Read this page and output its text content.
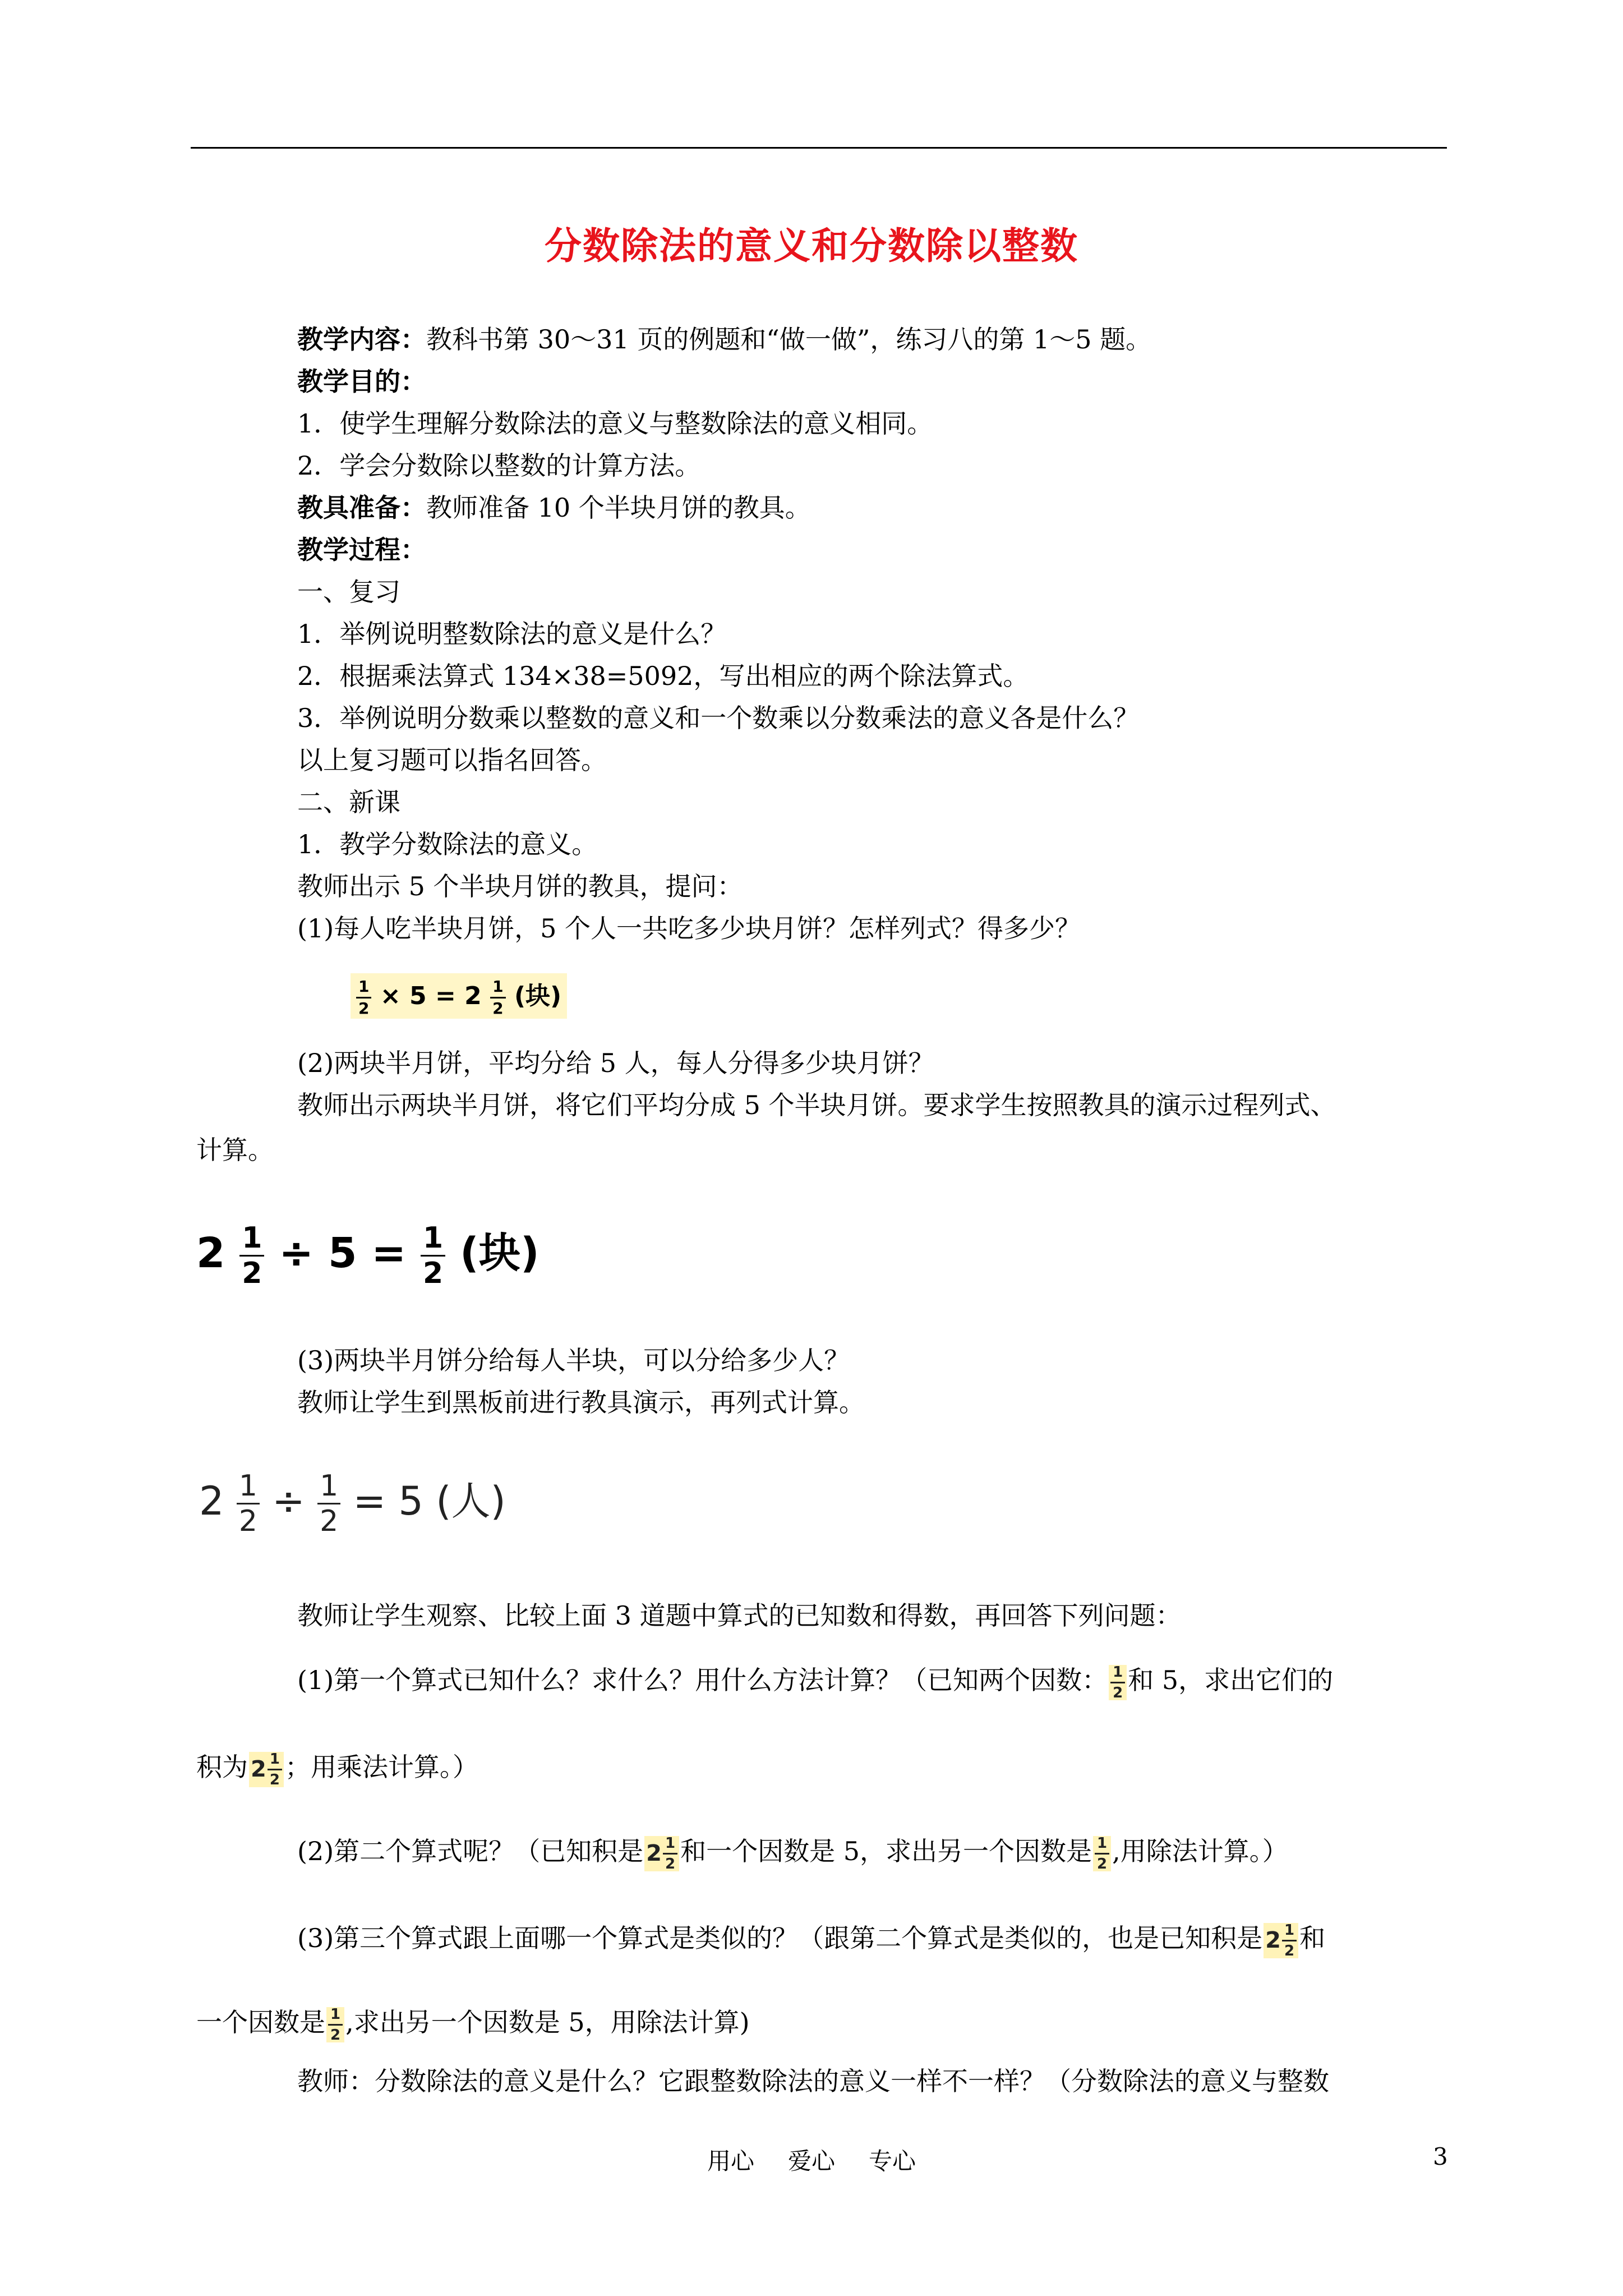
分数除法的意义和分数除以整数
教学内容：教科书第 30～31 页的例题和“做一做”，练习八的第 1～5 题。
教学目的：
1．使学生理解分数除法的意义与整数除法的意义相同。
2．学会分数除以整数的计算方法。
教具准备：教师准备 10 个半块月饼的教具。
教学过程：
一、复习
1．举例说明整数除法的意义是什么？
2．根据乘法算式 134×38=5092，写出相应的两个除法算式。
3．举例说明分数乘以整数的意义和一个数乘以分数乘法的意义各是什么？
以上复习题可以指名回答。
二、新课
1．教学分数除法的意义。
教师出示 5 个半块月饼的教具，提问：
(1)每人吃半块月饼，5 个人一共吃多少块月饼？怎样列式？得多少？
$\frac{1}{2} \times 5 = 2 \frac{1}{2}$ (块)
(2)两块半月饼，平均分给 5 人，每人分得多少块月饼？
教师出示两块半月饼，将它们平均分成 5 个半块月饼。要求学生按照教具的演示过程列式、
计算。
$2 \frac{1}{2} \div 5 = \frac{1}{2}$ (块)
(3)两块半月饼分给每人半块，可以分给多少人？
教师让学生到黑板前进行教具演示，再列式计算。
$2 \frac{1}{2} \div \frac{1}{2} = 5$ (人)
教师让学生观察、比较上面 3 道题中算式的已知数和得数，再回答下列问题：
(1)第一个算式已知什么？求什么？用什么方法计算？（已知两个因数： $\frac{1}{2}$ 和 5，求出它们的
积为 $2 \frac{1}{2}$ ；用乘法计算。）
(2)第二个算式呢？（已知积是 $2 \frac{1}{2}$ 和一个因数是 5，求出另一个因数是 $\frac{1}{2}$ ,用除法计算。）
(3)第三个算式跟上面哪一个算式是类似的？（跟第二个算式是类似的，也是已知积是 $2 \frac{1}{2}$ 和
一个因数是 $\frac{1}{2}$ ,求出另一个因数是 5，用除法计算)
教师：分数除法的意义是什么？它跟整数除法的意义一样不一样？（分数除法的意义与整数
用心 爱心 专心	3
